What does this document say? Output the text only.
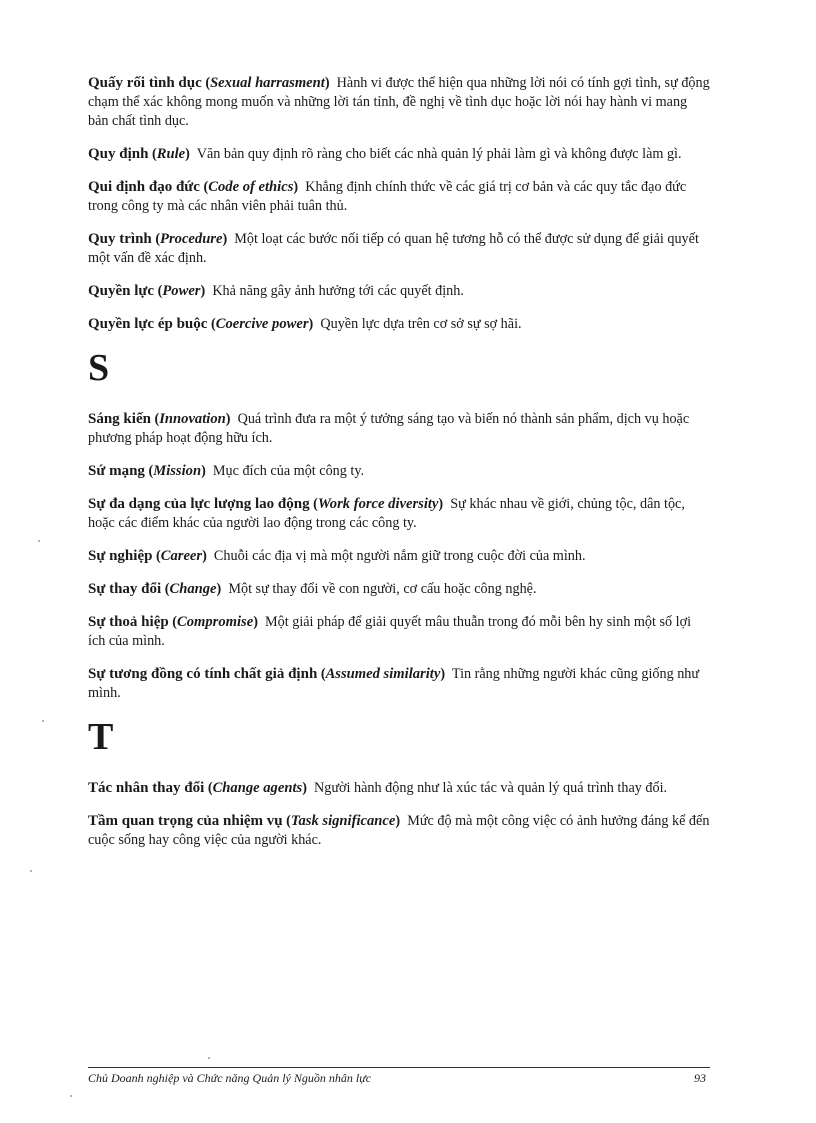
Quấy rối tình dục (Sexual harrasment) Hành vi được thể hiện qua những lời nói có tính gợi tình, sự động chạm thể xác không mong muốn và những lời tán tỉnh, đề nghị về tình dục hoặc lời nói hay hành vi mang bản chất tình dục.

Quy định (Rule) Văn bản quy định rõ ràng cho biết các nhà quản lý phải làm gì và không được làm gì.

Qui định đạo đức (Code of ethics) Khẳng định chính thức về các giá trị cơ bản và các quy tắc đạo đức trong công ty mà các nhân viên phải tuân thủ.

Quy trình (Procedure) Một loạt các bước nối tiếp có quan hệ tương hỗ có thể được sử dụng để giải quyết một vấn đề xác định.

Quyền lực (Power) Khả năng gây ảnh hưởng tới các quyết định.

Quyền lực ép buộc (Coercive power) Quyền lực dựa trên cơ sở sự sợ hãi.

S

Sáng kiến (Innovation) Quá trình đưa ra một ý tưởng sáng tạo và biến nó thành sản phẩm, dịch vụ hoặc phương pháp hoạt động hữu ích.

Sứ mạng (Mission) Mục đích của một công ty.

Sự đa dạng của lực lượng lao động (Work force diversity) Sự khác nhau về giới, chủng tộc, dân tộc, hoặc các điểm khác của người lao động trong các công ty.

Sự nghiệp (Career) Chuỗi các địa vị mà một người nắm giữ trong cuộc đời của mình.

Sự thay đổi (Change) Một sự thay đổi về con người, cơ cấu hoặc công nghệ.

Sự thoả hiệp (Compromise) Một giải pháp để giải quyết mâu thuẫn trong đó mỗi bên hy sinh một số lợi ích của mình.

Sự tương đồng có tính chất giả định (Assumed similarity) Tin rằng những người khác cũng giống như mình.

T

Tác nhân thay đổi (Change agents) Người hành động như là xúc tác và quản lý quá trình thay đổi.

Tầm quan trọng của nhiệm vụ (Task significance) Mức độ mà một công việc có ảnh hưởng đáng kể đến cuộc sống hay công việc của người khác.

Chủ Doanh nghiệp và Chức năng Quản lý Nguồn nhân lực	93
